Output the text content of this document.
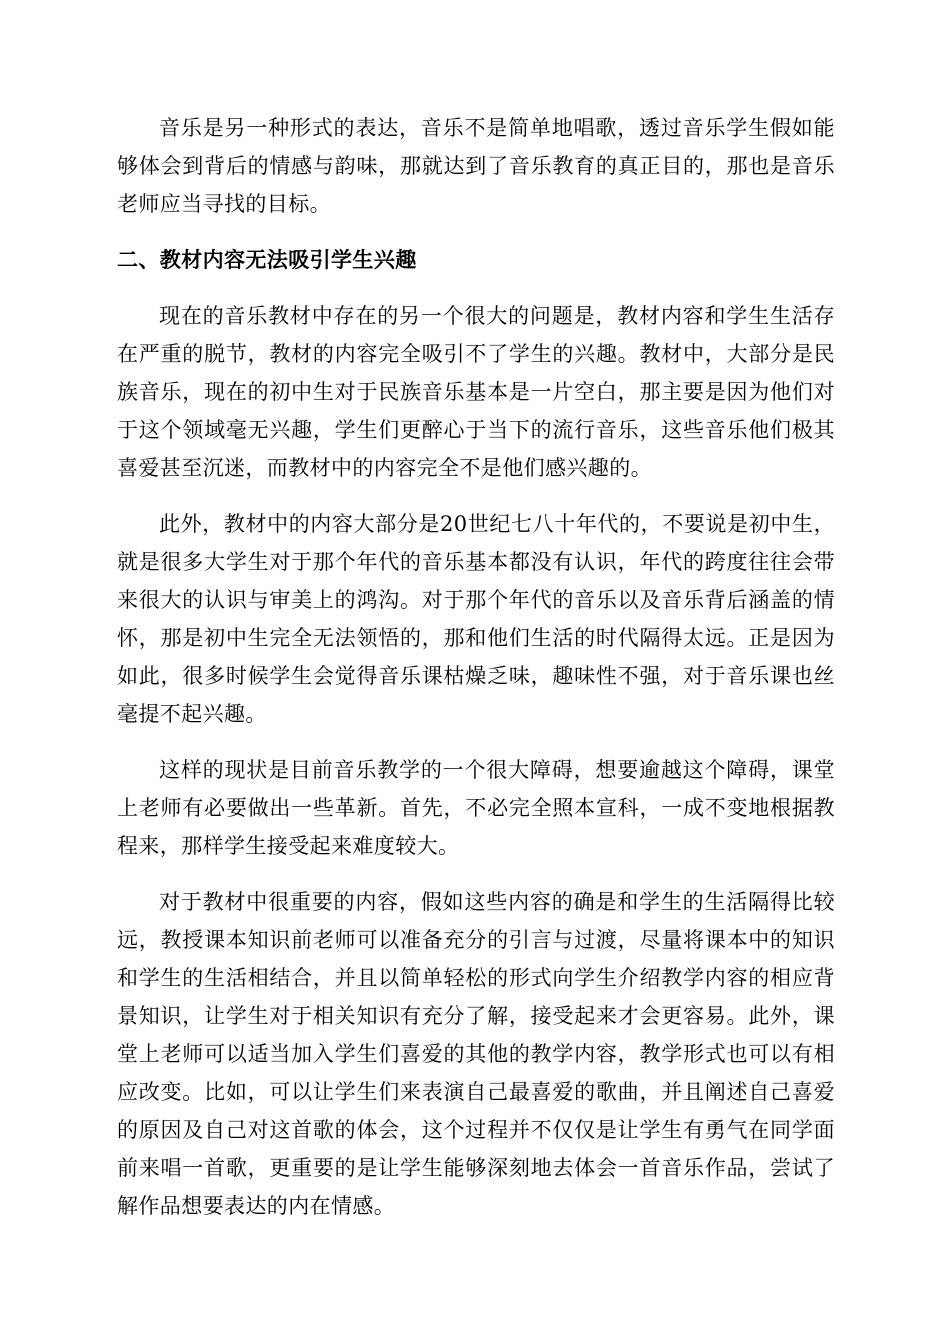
音乐是另一种形式的表达，音乐不是简单地唱歌，透过音乐学生假如能够体会到背后的情感与韵味，那就达到了音乐教育的真正目的，那也是音乐老师应当寻找的目标。

二、教材内容无法吸引学生兴趣

现在的音乐教材中存在的另一个很大的问题是，教材内容和学生生活存在严重的脱节，教材的内容完全吸引不了学生的兴趣。教材中，大部分是民族音乐，现在的初中生对于民族音乐基本是一片空白，那主要是因为他们对于这个领域毫无兴趣，学生们更醉心于当下的流行音乐，这些音乐他们极其喜爱甚至沉迷，而教材中的内容完全不是他们感兴趣的。

此外，教材中的内容大部分是20世纪七八十年代的，不要说是初中生，就是很多大学生对于那个年代的音乐基本都没有认识，年代的跨度往往会带来很大的认识与审美上的鸿沟。对于那个年代的音乐以及音乐背后涵盖的情怀，那是初中生完全无法领悟的，那和他们生活的时代隔得太远。正是因为如此，很多时候学生会觉得音乐课枯燥乏味，趣味性不强，对于音乐课也丝毫提不起兴趣。

这样的现状是目前音乐教学的一个很大障碍，想要逾越这个障碍，课堂上老师有必要做出一些革新。首先，不必完全照本宣科，一成不变地根据教程来，那样学生接受起来难度较大。

对于教材中很重要的内容，假如这些内容的确是和学生的生活隔得比较远，教授课本知识前老师可以准备充分的引言与过渡，尽量将课本中的知识和学生的生活相结合，并且以简单轻松的形式向学生介绍教学内容的相应背景知识，让学生对于相关知识有充分了解，接受起来才会更容易。此外，课堂上老师可以适当加入学生们喜爱的其他的教学内容，教学形式也可以有相应改变。比如，可以让学生们来表演自己最喜爱的歌曲，并且阐述自己喜爱的原因及自己对这首歌的体会，这个过程并不仅仅是让学生有勇气在同学面前来唱一首歌，更重要的是让学生能够深刻地去体会一首音乐作品，尝试了解作品想要表达的内在情感。
